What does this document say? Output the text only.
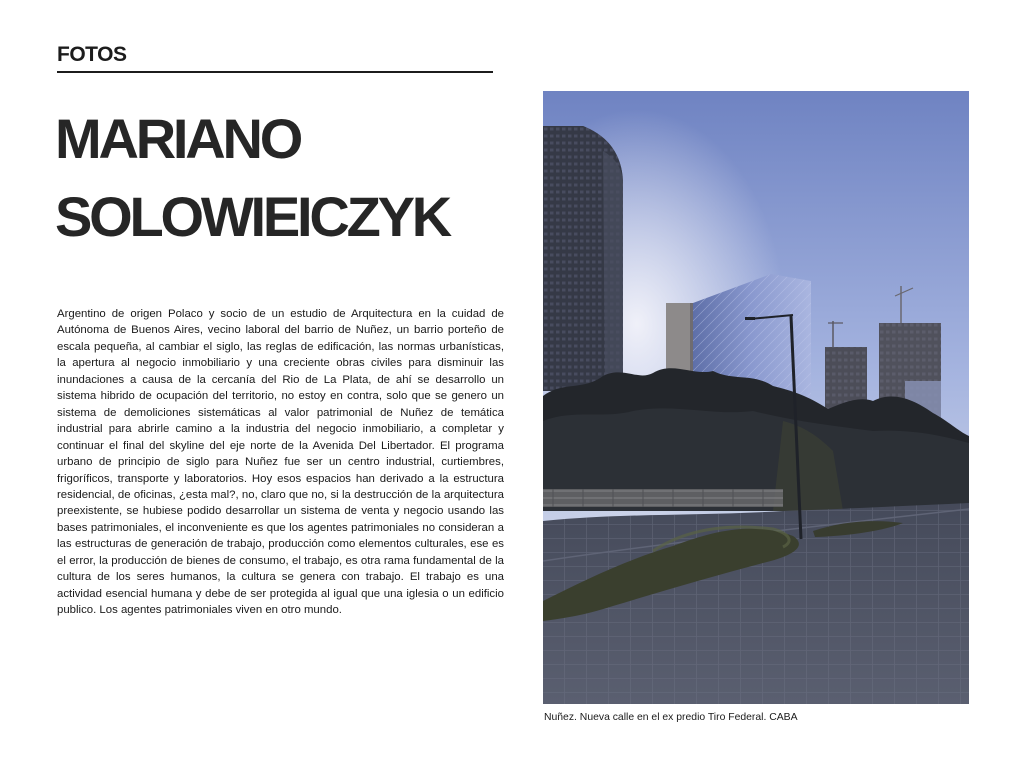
FOTOS
MARIANO
SOLOWIEICZYK

Argentino de origen Polaco y socio de un estudio de Arquitectura en la cuidad de Autónoma de Buenos Aires, vecino laboral del barrio de Nuñez, un barrio porteño de escala pequeña, al cambiar el siglo, las reglas de edificación, las normas urbanísticas, la apertura al negocio inmobiliario y una creciente obras civiles para disminuir las inundaciones a causa de la cercanía del Rio de La Plata, de ahí se desarrollo un sistema hibrido de ocupación del territorio, no estoy en contra, solo que se genero un sistema de demoliciones sistemáticas al valor patrimonial de Nuñez de temática industrial para abrirle camino a la industria del negocio inmobiliario, a completar y continuar el final del skyline del eje norte de la Avenida Del Libertador. El programa urbano de principio de siglo para Nuñez fue ser un centro industrial, curtiembres, frigoríficos, transporte y laboratorios. Hoy esos espacios han derivado a la estructura residencial, de oficinas, ¿esta mal?, no, claro que no, si la destrucción de la arquitectura preexistente, se hubiese podido desarrollar un sistema de venta y negocio usando las bases patrimoniales, el inconveniente es que los agentes patrimoniales no consideran a las estructuras de generación de trabajo, producción como elementos culturales, ese es el error, la producción de bienes de consumo, el trabajo, es otra rama fundamental de la cultura de los seres humanos, la cultura se genera con trabajo. El trabajo es una actividad esencial humana y debe de ser protegida al igual que una iglesia o un edificio publico. Los agentes patrimoniales viven en otro mundo.

Nuñez. Nueva calle en el ex predio Tiro Federal. CABA
